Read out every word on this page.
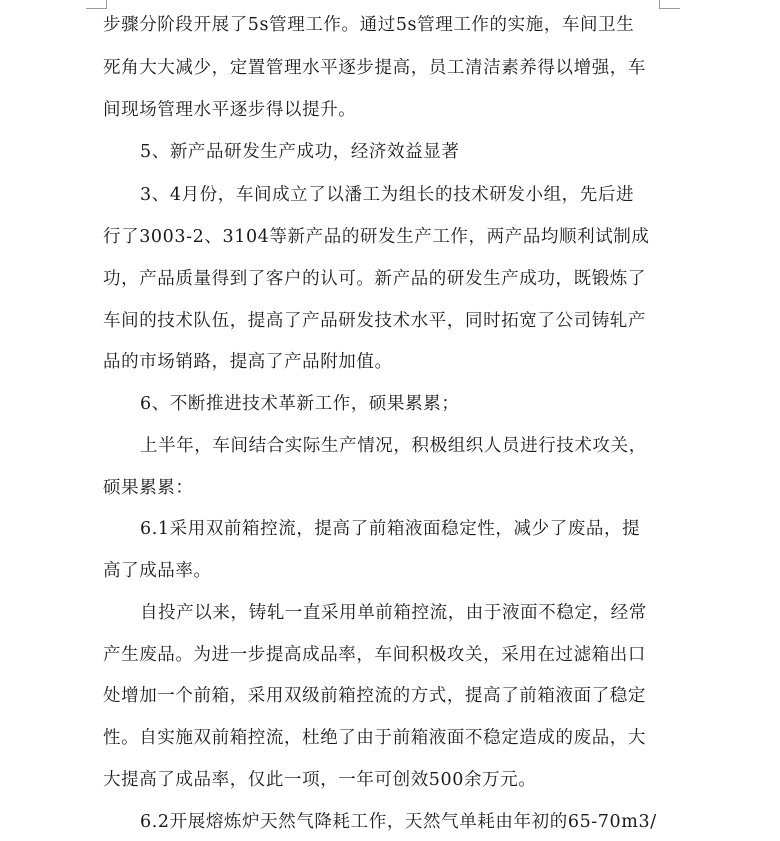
步骤分阶段开展了5s管理工作。通过5s管理工作的实施，车间卫生
死角大大减少，定置管理水平逐步提高，员工清洁素养得以增强，车
间现场管理水平逐步得以提升。
5、新产品研发生产成功，经济效益显著
3、4月份，车间成立了以潘工为组长的技术研发小组，先后进
行了3003-2、3104等新产品的研发生产工作，两产品均顺利试制成
功，产品质量得到了客户的认可。新产品的研发生产成功，既锻炼了
车间的技术队伍，提高了产品研发技术水平，同时拓宽了公司铸轧产
品的市场销路，提高了产品附加值。
6、不断推进技术革新工作，硕果累累；
上半年，车间结合实际生产情况，积极组织人员进行技术攻关，
硕果累累：
6.1采用双前箱控流，提高了前箱液面稳定性，减少了废品，提
高了成品率。
自投产以来，铸轧一直采用单前箱控流，由于液面不稳定，经常
产生废品。为进一步提高成品率，车间积极攻关，采用在过滤箱出口
处增加一个前箱，采用双级前箱控流的方式，提高了前箱液面了稳定
性。自实施双前箱控流，杜绝了由于前箱液面不稳定造成的废品，大
大提高了成品率，仅此一项，一年可创效500余万元。
6.2开展熔炼炉天然气降耗工作，天然气单耗由年初的65-70m3/
